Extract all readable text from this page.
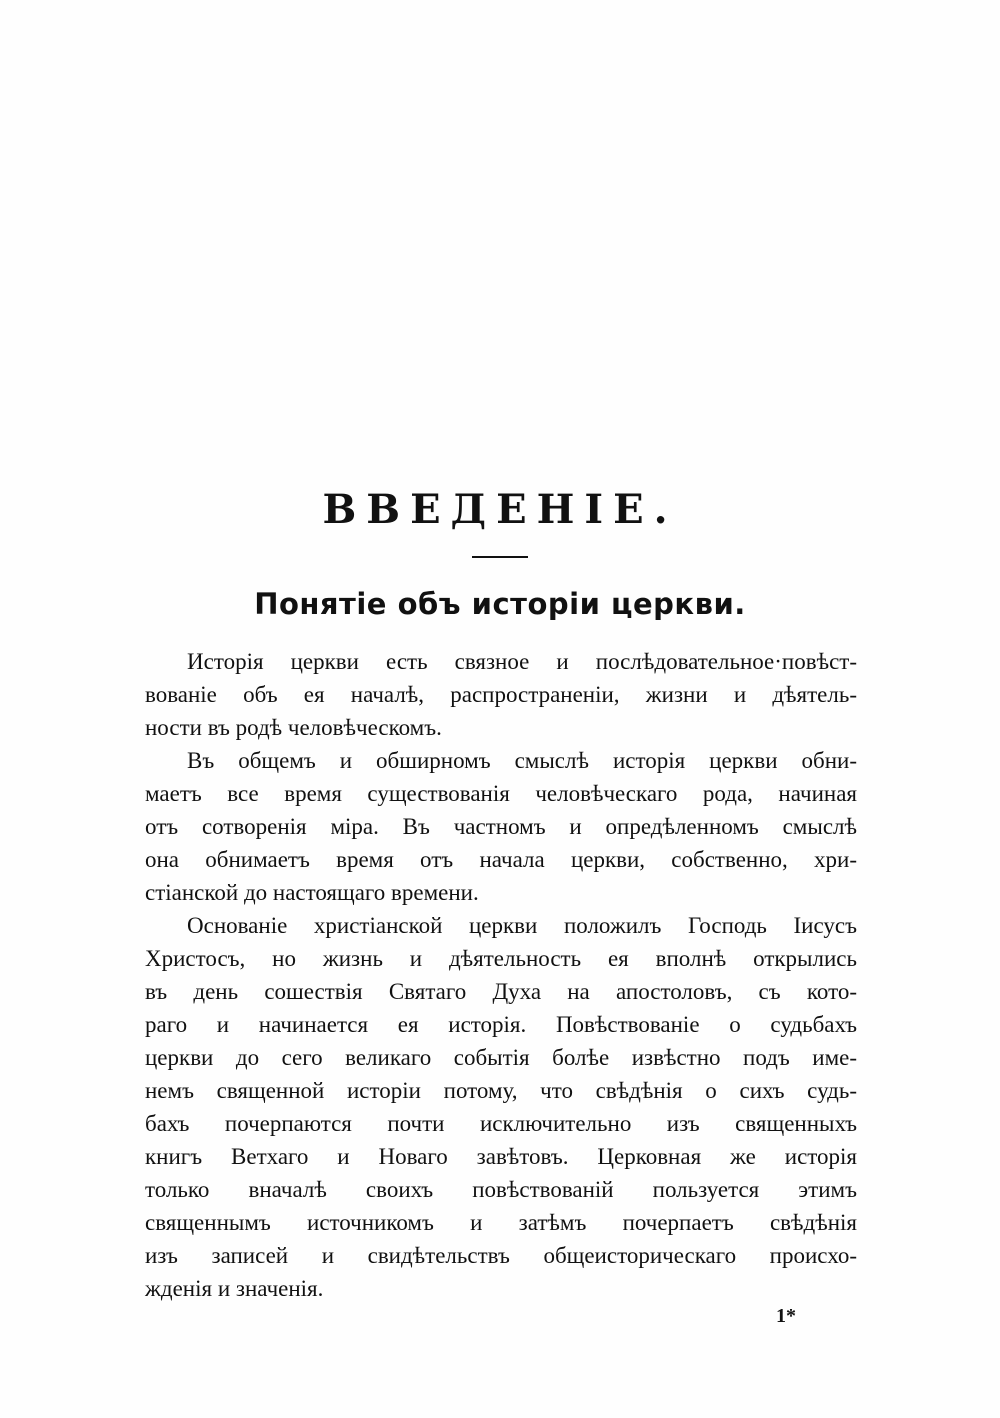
ВВЕДЕНІЕ.
Понятіе объ исторіи церкви.
Исторія церкви есть связное и послѣдовательное·повѣст-
вованіе объ ея началѣ, распространеніи, жизни и дѣятель-
ности въ родѣ человѣческомъ.
Въ общемъ и обширномъ смыслѣ исторія церкви обни-
маетъ все время существованія человѣческаго рода, начиная
отъ сотворенія міра. Въ частномъ и опредѣленномъ смыслѣ
она обнимаетъ время отъ начала церкви, собственно, хри-
стіанской до настоящаго времени.
Основаніе христіанской церкви положилъ Господь Іисусъ
Христосъ, но жизнь и дѣятельность ея вполнѣ открылись
въ день сошествія Святаго Духа на апостоловъ, съ кото-
раго и начинается ея исторія. Повѣствованіе о судьбахъ
церкви до сего великаго событія болѣе извѣстно подъ име-
немъ священной исторіи потому, что свѣдѣнія о сихъ судь-
бахъ почерпаются почти исключительно изъ священныхъ
книгъ Ветхаго и Новаго завѣтовъ. Церковная же исторія
только вначалѣ своихъ повѣствованій пользуется этимъ
священнымъ источникомъ и затѣмъ почерпаетъ свѣдѣнія
изъ записей и свидѣтельствъ общеисторическаго происхо-
жденія и значенія.
1*
